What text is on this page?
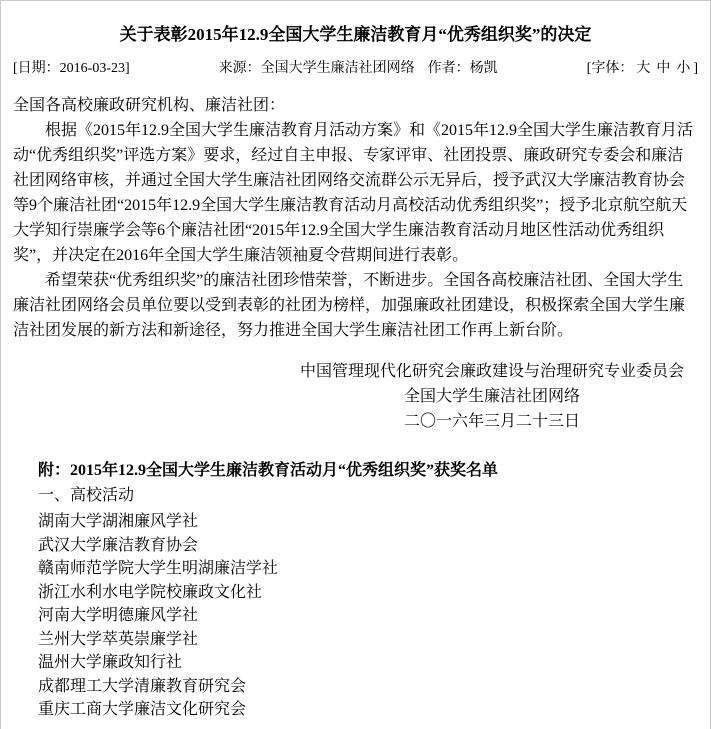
关于表彰2015年12.9全国大学生廉洁教育月“优秀组织奖”的决定
[日期：2016-03-23]	来源：全国大学生廉洁社团网络 作者：杨凯	[字体： 大 中 小 ]

全国各高校廉政研究机构、廉洁社团：

根据《2015年12.9全国大学生廉洁教育月活动方案》和《2015年12.9全国大学生廉洁教育月活动“优秀组织奖”评选方案》要求，经过自主申报、专家评审、社团投票、廉政研究专委会和廉洁社团网络审核，并通过全国大学生廉洁社团网络交流群公示无异后，授予武汉大学廉洁教育协会等9个廉洁社团“2015年12.9全国大学生廉洁教育活动月高校活动优秀组织奖”；授予北京航空航天大学知行崇廉学会等6个廉洁社团“2015年12.9全国大学生廉洁教育活动月地区性活动优秀组织奖”，并决定在2016年全国大学生廉洁领袖夏令营期间进行表彰。

希望荣获“优秀组织奖”的廉洁社团珍惜荣誉，不断进步。全国各高校廉洁社团、全国大学生廉洁社团网络会员单位要以受到表彰的社团为榜样，加强廉政社团建设，积极探索全国大学生廉洁社团发展的新方法和新途径，努力推进全国大学生廉洁社团工作再上新台阶。

中国管理现代化研究会廉政建设与治理研究专业委员会
全国大学生廉洁社团网络
二〇一六年三月二十三日

附：2015年12.9全国大学生廉洁教育活动月“优秀组织奖”获奖名单

一、高校活动

湖南大学湖湘廉风学社
武汉大学廉洁教育协会
赣南师范学院大学生明湖廉洁学社
浙江水利水电学院校廉政文化社
河南大学明德廉风学社
兰州大学萃英崇廉学社
温州大学廉政知行社
成都理工大学清廉教育研究会
重庆工商大学廉洁文化研究会
